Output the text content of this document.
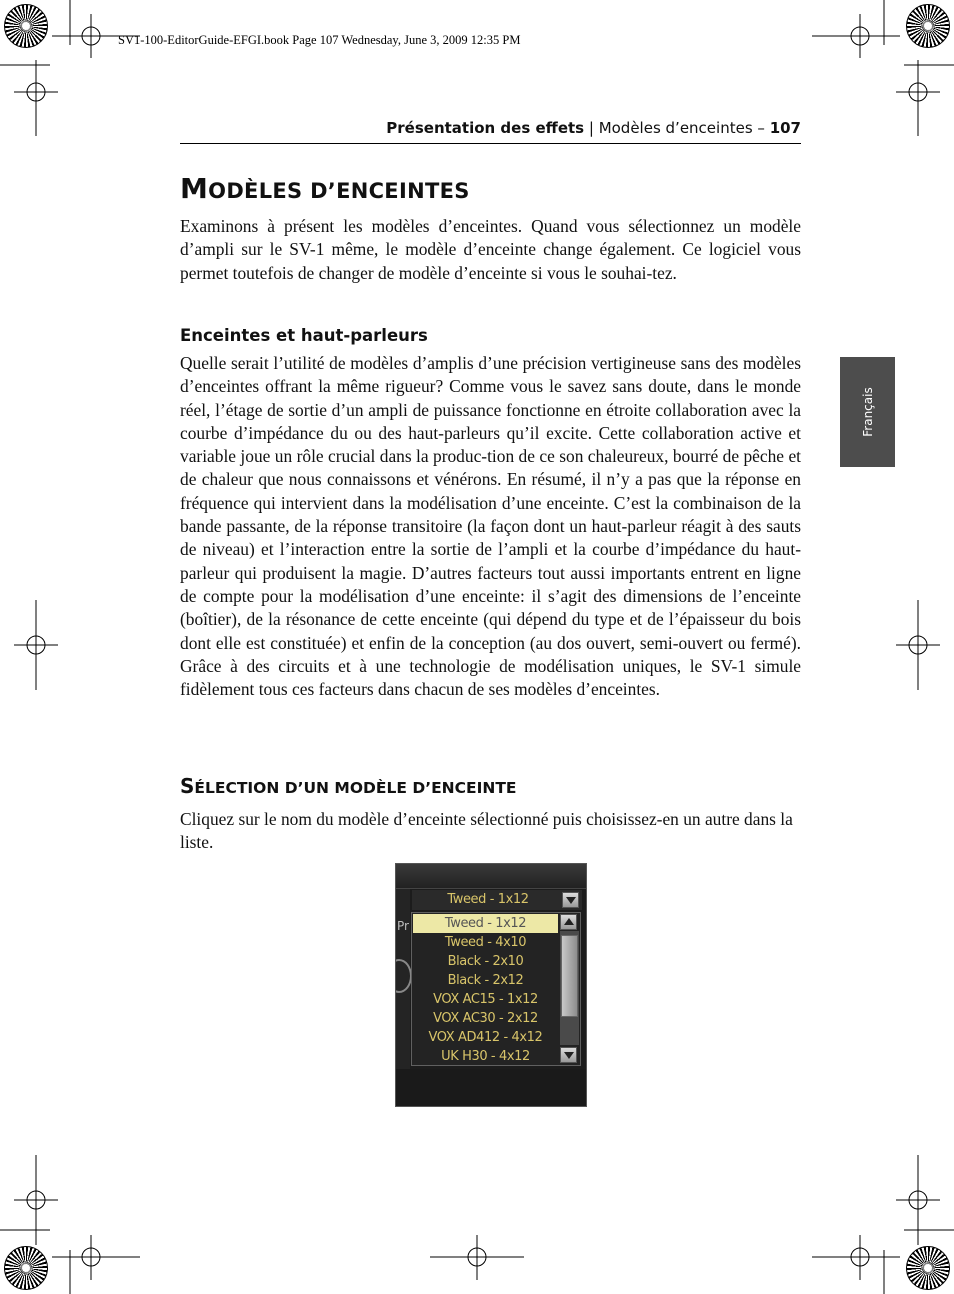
SV1-100-EditorGuide-EFGI.book Page 107 Wednesday, June 3, 2009 12:35 PM
Présentation des effets | Modèles d’enceintes – 107
Français
MODÈLES D’ENCEINTES
Examinons à présent les modèles d’enceintes. Quand vous sélectionnez un modèle d’ampli sur le SV-1 même, le modèle d’enceinte change également. Ce logiciel vous permet toutefois de changer de modèle d’enceinte si vous le souhai-tez.
Enceintes et haut-parleurs
Quelle serait l’utilité de modèles d’amplis d’une précision vertigineuse sans des modèles d’enceintes offrant la même rigueur? Comme vous le savez sans doute, dans le monde réel, l’étage de sortie d’un ampli de puissance fonctionne en étroite collaboration avec la courbe d’impédance du ou des haut-parleurs qu’il excite. Cette collaboration active et variable joue un rôle crucial dans la produc-tion de ce son chaleureux, bourré de pêche et de chaleur que nous connaissons et vénérons. En résumé, il n’y a pas que la réponse en fréquence qui intervient dans la modélisation d’une enceinte. C’est la combinaison de la bande passante, de la réponse transitoire (la façon dont un haut-parleur réagit à des sauts de niveau) et l’interaction entre la sortie de l’ampli et la courbe d’impédance du haut-parleur qui produisent la magie. D’autres facteurs tout aussi importants entrent en ligne de compte pour la modélisation d’une enceinte: il s’agit des dimensions de l’enceinte (boîtier), de la résonance de cette enceinte (qui dépend du type et de l’épaisseur du bois dont elle est constituée) et enfin de la conception (au dos ouvert, semi-ouvert ou fermé). Grâce à des circuits et à une technologie de modélisation uniques, le SV-1 simule fidèlement tous ces facteurs dans chacun de ses modèles d’enceintes.
SÉLECTION D’UN MODÈLE D’ENCEINTE
Cliquez sur le nom du modèle d’enceinte sélectionné puis choisissez-en un autre dans la liste.
Pr
Tweed - 1x12
Tweed - 1x12
Tweed - 4x10
Black - 2x10
Black - 2x12
VOX AC15 - 1x12
VOX AC30 - 2x12
VOX AD412 - 4x12
UK H30 - 4x12
